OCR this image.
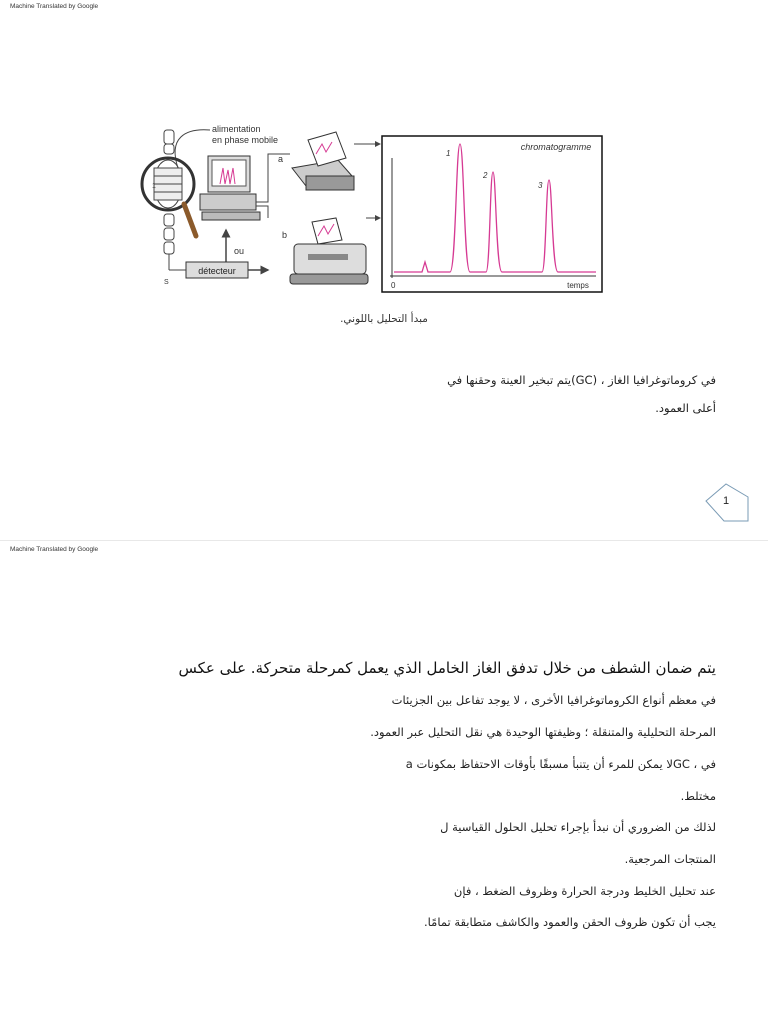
Machine Translated by Google
alimentation
en phase mobile
1
a
b
ou
détecteur
S
chromatogramme
1
2
3
0	temps
مبدأ التحليل باللوني.
في كروماتوغرافيا الغاز ، (GC)يتم تبخير العينة وحقنها في
أعلى العمود.
1
Machine Translated by Google
يتم ضمان الشطف من خلال تدفق الغاز الخامل الذي يعمل كمرحلة متحركة. على عكس
في معظم أنواع الكروماتوغرافيا الأخرى ، لا يوجد تفاعل بين الجزيئات
المرحلة التحليلية والمتنقلة ؛ وظيفتها الوحيدة هي نقل التحليل عبر العمود.
في ، GCلا يمكن للمرء أن يتنبأ مسبقًا بأوقات الاحتفاظ بمكونات a
مختلط.
لذلك من الضروري أن نبدأ بإجراء تحليل الحلول القياسية ل
المنتجات المرجعية.
عند تحليل الخليط ودرجة الحرارة وظروف الضغط ، فإن
يجب أن تكون ظروف الحقن والعمود والكاشف متطابقة تمامًا.
